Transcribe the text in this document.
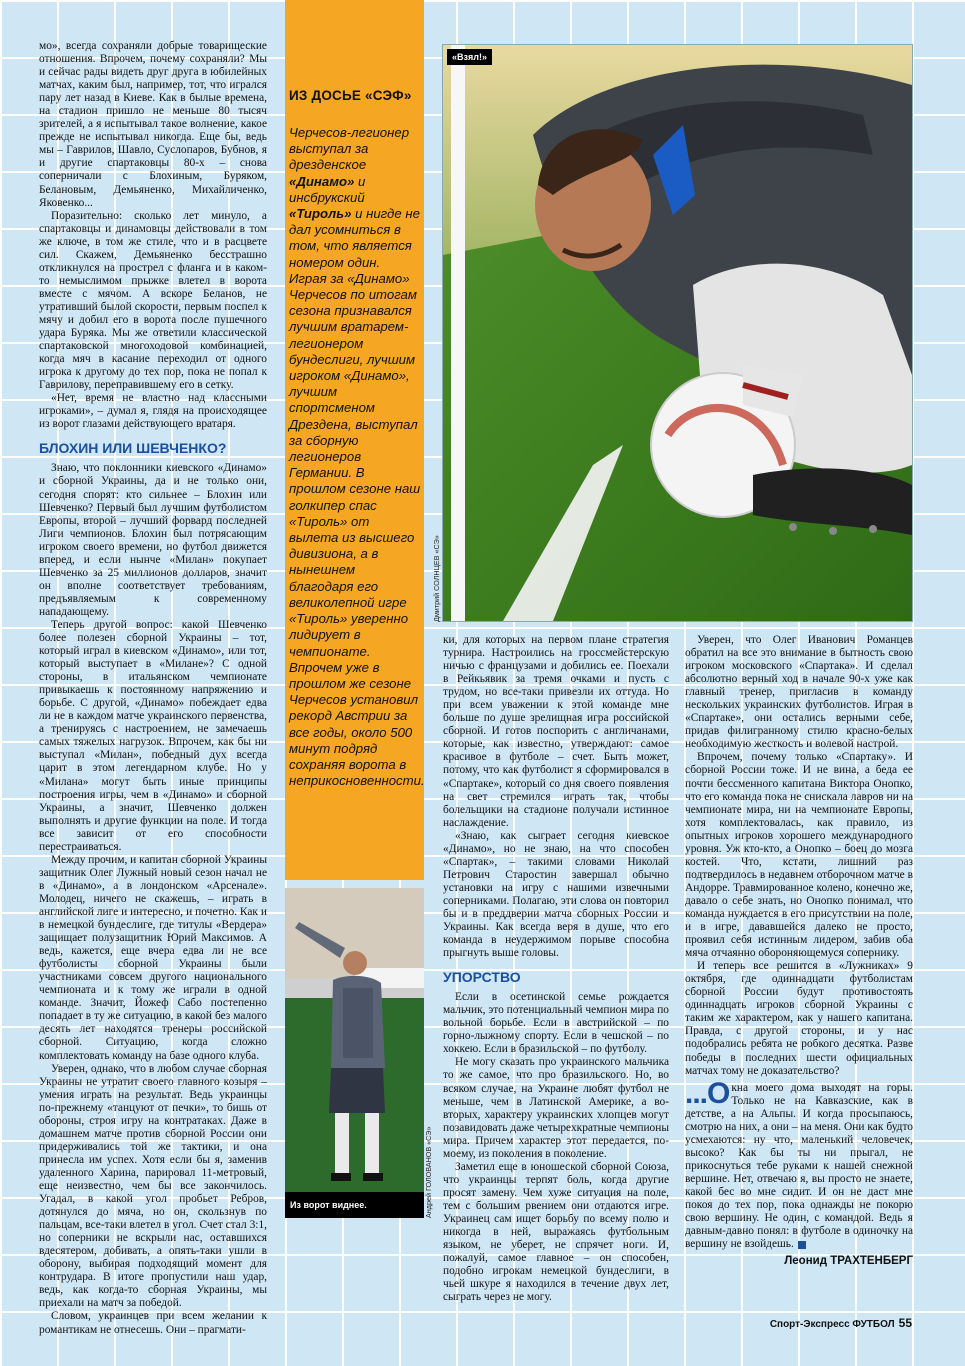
мо», всегда сохраняли добрые товарищеские отношения. Впрочем, почему сохраняли? Мы и сейчас рады видеть друг друга в юбилейных матчах, каким был, например, тот, что игрался пару лет назад в Киеве. Как в былые времена, на стадион пришло не меньше 80 тысяч зрителей, а я испытывал такое волнение, какое прежде не испытывал никогда. Еще бы, ведь мы – Гаврилов, Шавло, Суслопаров, Бубнов, я и другие спартаковцы 80-х – снова соперничали с Блохиным, Буряком, Белановым, Демьяненко, Михайличенко, Яковенко...

Поразительно: сколько лет минуло, а спартаковцы и динамовцы действовали в том же ключе, в том же стиле, что и в расцвете сил. Скажем, Демьяненко бесстрашно откликнулся на прострел с фланга и в каком-то немыслимом прыжке влетел в ворота вместе с мячом. А вскоре Беланов, не утративший былой скорости, первым поспел к мячу и добил его в ворота после пушечного удара Буряка. Мы же ответили классической спартаковской многоходовой комбинацией, когда мяч в касание переходил от одного игрока к другому до тех пор, пока не попал к Гаврилову, переправившему его в сетку.

«Нет, время не властно над классными игроками», – думал я, глядя на происходящее из ворот глазами действующего вратаря.

БЛОХИН ИЛИ ШЕВЧЕНКО?

Знаю, что поклонники киевского «Динамо» и сборной Украины, да и не только они, сегодня спорят: кто сильнее – Блохин или Шевченко? Первый был лучшим футболистом Европы, второй – лучший форвард последней Лиги чемпионов. Блохин был потрясающим игроком своего времени, но футбол движется вперед, и если нынче «Милан» покупает Шевченко за 25 миллионов долларов, значит он вполне соответствует требованиям, предъявляемым к современному нападающему.

Теперь другой вопрос: какой Шевченко более полезен сборной Украины – тот, который играл в киевском «Динамо», или тот, который выступает в «Милане»? С одной стороны, в итальянском чемпионате привыкаешь к постоянному напряжению и борьбе. С другой, «Динамо» побеждает едва ли не в каждом матче украинского первенства, а тренируясь с настроением, не замечаешь самых тяжелых нагрузок. Впрочем, как бы ни выступал «Милан», победный дух всегда царит в этом легендарном клубе. Но у «Милана» могут быть иные принципы построения игры, чем в «Динамо» и сборной Украины, а значит, Шевченко должен выполнять и другие функции на поле. И тогда все зависит от его способности перестраиваться.

Между прочим, и капитан сборной Украины защитник Олег Лужный новый сезон начал не в «Динамо», а в лондонском «Арсенале». Молодец, ничего не скажешь, – играть в английской лиге и интересно, и почетно. Как и в немецкой бундеслиге, где титулы «Вердера» защищает полузащитник Юрий Максимов. А ведь, кажется, еще вчера едва ли не все футболисты сборной Украины были участниками совсем другого национального чемпионата и к тому же играли в одной команде. Значит, Йожеф Сабо постепенно попадает в ту же ситуацию, в какой без малого десять лет находятся тренеры российской сборной. Ситуацию, когда сложно комплектовать команду на базе одного клуба.

Уверен, однако, что в любом случае сборная Украины не утратит своего главного козыря – умения играть на результат. Ведь украинцы по-прежнему «танцуют от печки», то бишь от обороны, строя игру на контратаках. Даже в домашнем матче против сборной России они придерживались той же тактики, и она принесла им успех. Хотя если бы я, заменив удаленного Харина, парировал 11-метровый, еще неизвестно, чем бы все закончилось. Угадал, в какой угол пробьет Ребров, дотянулся до мяча, но он, скользнув по пальцам, все-таки влетел в угол. Счет стал 3:1, но соперники не вскрыли нас, оставшихся вдесятером, добивать, а опять-таки ушли в оборону, выбирая подходящий момент для контрудара. В итоге пропустили наш удар, ведь, как когда-то сборная Украины, мы приехали на матч за победой.

Словом, украинцев при всем желании к романтикам не отнесешь. Они – прагмати-

ИЗ ДОСЬЕ «СЭФ»
Черчесов-легионер выступал за дрезденское «Динамо» и инсбрукский «Тироль» и нигде не дал усомниться в том, что является номером один. Играя за «Динамо» Черчесов по итогам сезона признавался лучшим вратарем-легионером бундеслиги, лучшим игроком «Динамо», лучшим спортсменом Дрездена, выступал за сборную легионеров Германии. В прошлом сезоне наш голкипер спас «Тироль» от вылета из высшего дивизиона, а в нынешнем благодаря его великолепной игре «Тироль» уверенно лидирует в чемпионате. Впрочем уже в прошлом же сезоне Черчесов установил рекорд Австрии за все годы, около 500 минут подряд сохраняя ворота в неприкосновенности.
«Взял!»
Дмитрий СОЛНЦЕВ «СЭ»
Из ворот виднее.	Андрей ГОЛОВАНОВ «СЭ»

ки, для которых на первом плане стратегия турнира. Настроились на гроссмейстерскую ничью с французами и добились ее. Поехали в Рейкьявик за тремя очками и пусть с трудом, но все-таки привезли их оттуда. Но при всем уважении к этой команде мне больше по душе зрелищная игра российской сборной. И готов поспорить с англичанами, которые, как известно, утверждают: самое красивое в футболе – счет. Быть может, потому, что как футболист я сформировался в «Спартаке», который со дня своего появления на свет стремился играть так, чтобы болельщики на стадионе получали истинное наслаждение.

«Знаю, как сыграет сегодня киевское «Динамо», но не знаю, на что способен «Спартак», – такими словами Николай Петрович Старостин завершал обычно установки на игру с нашими извечными соперниками. Полагаю, эти слова он повторил бы и в преддверии матча сборных России и Украины. Как всегда веря в душе, что его команда в неудержимом порыве способна прыгнуть выше головы.

УПОРСТВО

Если в осетинской семье рождается мальчик, это потенциальный чемпион мира по вольной борьбе. Если в австрийской – по горно-лыжному спорту. Если в чешской – по хоккею. Если в бразильской – по футболу.

Не могу сказать про украинского мальчика то же самое, что про бразильского. Но, во всяком случае, на Украине любят футбол не меньше, чем в Латинской Америке, а во-вторых, характеру украинских хлопцев могут позавидовать даже четырехкратные чемпионы мира. Причем характер этот передается, по-моему, из поколения в поколение.

Заметил еще в юношеской сборной Союза, что украинцы терпят боль, когда другие просят замену. Чем хуже ситуация на поле, тем с большим рвением они отдаются игре. Украинец сам ищет борьбу по всему полю и никогда в ней, выражаясь футбольным языком, не уберет, не спрячет ноги. И, пожалуй, самое главное – он способен, подобно игрокам немецкой бундеслиги, в чьей шкуре я находился в течение двух лет, сыграть через не могу.

Уверен, что Олег Иванович Романцев обратил на все это внимание в бытность свою игроком московского «Спартака». И сделал абсолютно верный ход в начале 90-х уже как главный тренер, пригласив в команду нескольких украинских футболистов. Играя в «Спартаке», они остались верными себе, придав филигранному стилю красно-белых необходимую жесткость и волевой настрой.

Впрочем, почему только «Спартаку». И сборной России тоже. И не вина, а беда ее почти бессменного капитана Виктора Онопко, что его команда пока не снискала лавров ни на чемпионате мира, ни на чемпионате Европы, хотя комплектовалась, как правило, из опытных игроков хорошего международного уровня. Уж кто-кто, а Онопко – боец до мозга костей. Что, кстати, лишний раз подтвердилось в недавнем отборочном матче в Андорре. Травмированное колено, конечно же, давало о себе знать, но Онопко понимал, что команда нуждается в его присутствии на поле, и в игре, дававшейся далеко не просто, проявил себя истинным лидером, забив оба мяча отчаянно обороняющемуся сопернику.

И теперь все решится в «Лужниках» 9 октября, где одиннадцати футболистам сборной России будут противостоять одиннадцать игроков сборной Украины с таким же характером, как у нашего капитана. Правда, с другой стороны, и у нас подобрались ребята не робкого десятка. Разве победы в последних шести официальных матчах тому не доказательство?

...О кна моего дома выходят на горы. Только не на Кавказские, как в детстве, а на Альпы. И когда просыпаюсь, смотрю на них, а они – на меня. Они как будто усмехаются: ну что, маленький человечек, высоко? Как бы ты ни прыгал, не прикоснуться тебе руками к нашей снежной вершине. Нет, отвечаю я, вы просто не знаете, какой бес во мне сидит. И он не даст мне покоя до тех пор, пока однажды не покорю свою вершину. Не один, с командой. Ведь я давным-давно понял: в футболе в одиночку на вершину не взойдешь.

Леонид ТРАХТЕНБЕРГ
Спорт-Экспресс ФУТБОЛ 55
